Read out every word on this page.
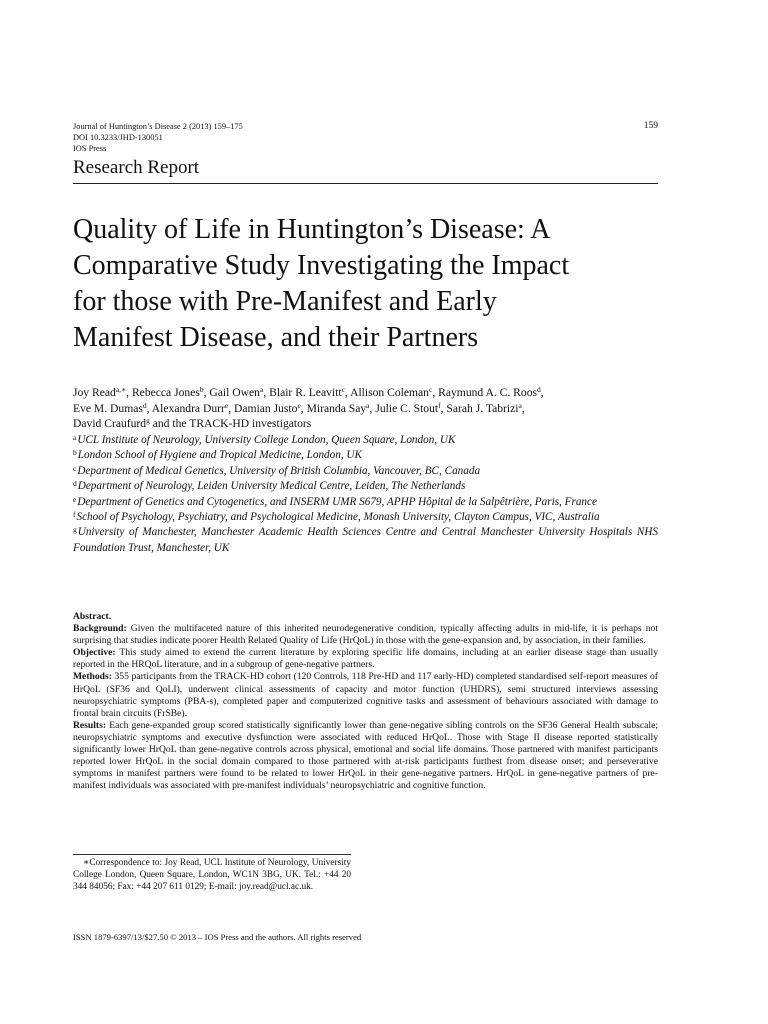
Journal of Huntington’s Disease 2 (2013) 159–175
DOI 10.3233/JHD-130051
IOS Press
159
Research Report
Quality of Life in Huntington’s Disease: A
Comparative Study Investigating the Impact
for those with Pre-Manifest and Early
Manifest Disease, and their Partners
Joy Read$^{a,∗}$, Rebecca Jones$^b$, Gail Owen$^a$, Blair R. Leavitt$^c$, Allison Coleman$^c$, Raymund A. C. Roos$^d$,
Eve M. Dumas$^d$, Alexandra Durr$^e$, Damian Justo$^e$, Miranda Say$^a$, Julie C. Stout$^f$, Sarah J. Tabrizi$^a$,
David Craufurd$^g$ and the TRACK-HD investigators
$^a$UCL Institute of Neurology, University College London, Queen Square, London, UK
$^b$London School of Hygiene and Tropical Medicine, London, UK
$^c$Department of Medical Genetics, University of British Columbia, Vancouver, BC, Canada
$^d$Department of Neurology, Leiden University Medical Centre, Leiden, The Netherlands
$^e$Department of Genetics and Cytogenetics, and INSERM UMR S679, APHP Hôpital de la Salpêtrière, Paris, France
$^f$School of Psychology, Psychiatry, and Psychological Medicine, Monash University, Clayton Campus, VIC, Australia
$^g$University of Manchester, Manchester Academic Health Sciences Centre and Central Manchester University Hospitals NHS Foundation Trust, Manchester, UK

Abstract.

Background: Given the multifaceted nature of this inherited neurodegenerative condition, typically affecting adults in mid-life, it is perhaps not surprising that studies indicate poorer Health Related Quality of Life (HrQoL) in those with the gene-expansion and, by association, in their families.

Objective: This study aimed to extend the current literature by exploring specific life domains, including at an earlier disease stage than usually reported in the HRQoL literature, and in a subgroup of gene-negative partners.

Methods: 355 participants from the TRACK-HD cohort (120 Controls, 118 Pre-HD and 117 early-HD) completed standardised self-report measures of HrQoL (SF36 and QoLI), underwent clinical assessments of capacity and motor function (UHDRS), semi structured interviews assessing neuropsychiatric symptoms (PBA-s), completed paper and computerized cognitive tasks and assessment of behaviours associated with damage to frontal brain circuits (FrSBe).

Results: Each gene-expanded group scored statistically significantly lower than gene-negative sibling controls on the SF36 General Health subscale; neuropsychiatric symptoms and executive dysfunction were associated with reduced HrQoL. Those with Stage II disease reported statistically significantly lower HrQoL than gene-negative controls across physical, emotional and social life domains. Those partnered with manifest participants reported lower HrQoL in the social domain compared to those partnered with at-risk participants furthest from disease onset; and perseverative symptoms in manifest partners were found to be related to lower HrQoL in their gene-negative partners. HrQoL in gene-negative partners of pre-manifest individuals was associated with pre-manifest individuals’ neuropsychiatric and cognitive function.

∗Correspondence to: Joy Read, UCL Institute of Neurology, University College London, Queen Square, London, WC1N 3BG, UK. Tel.: +44 20 344 84056; Fax: +44 207 611 0129; E-mail: joy.read@ucl.ac.uk.
ISSN 1879-6397/13/$27.50 © 2013 – IOS Press and the authors. All rights reserved
